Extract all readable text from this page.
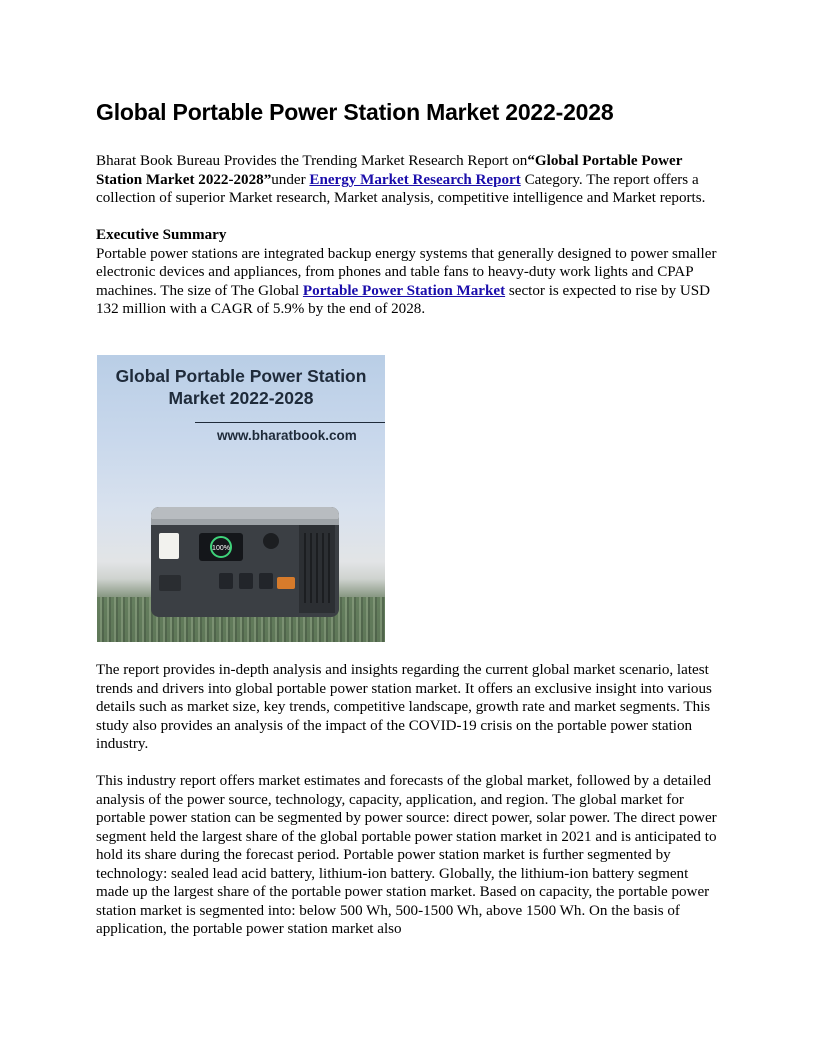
Global Portable Power Station Market 2022-2028

Bharat Book Bureau Provides the Trending Market Research Report on“Global Portable Power Station Market 2022-2028”under Energy Market Research Report Category. The report offers a collection of superior Market research, Market analysis, competitive intelligence and Market reports.

Executive Summary
Portable power stations are integrated backup energy systems that generally designed to power smaller electronic devices and appliances, from phones and table fans to heavy-duty work lights and CPAP machines. The size of The Global Portable Power Station Market sector is expected to rise by USD 132 million with a CAGR of 5.9% by the end of 2028.

Global Portable Power Station
Market 2022-2028
www.bharatbook.com
100%

The report provides in-depth analysis and insights regarding the current global market scenario, latest trends and drivers into global portable power station market. It offers an exclusive insight into various details such as market size, key trends, competitive landscape, growth rate and market segments. This study also provides an analysis of the impact of the COVID-19 crisis on the portable power station industry.

This industry report offers market estimates and forecasts of the global market, followed by a detailed analysis of the power source, technology, capacity, application, and region. The global market for portable power station can be segmented by power source: direct power, solar power. The direct power segment held the largest share of the global portable power station market in 2021 and is anticipated to hold its share during the forecast period. Portable power station market is further segmented by technology: sealed lead acid battery, lithium-ion battery. Globally, the lithium-ion battery segment made up the largest share of the portable power station market. Based on capacity, the portable power station market is segmented into: below 500 Wh, 500-1500 Wh, above 1500 Wh. On the basis of application, the portable power station market also
